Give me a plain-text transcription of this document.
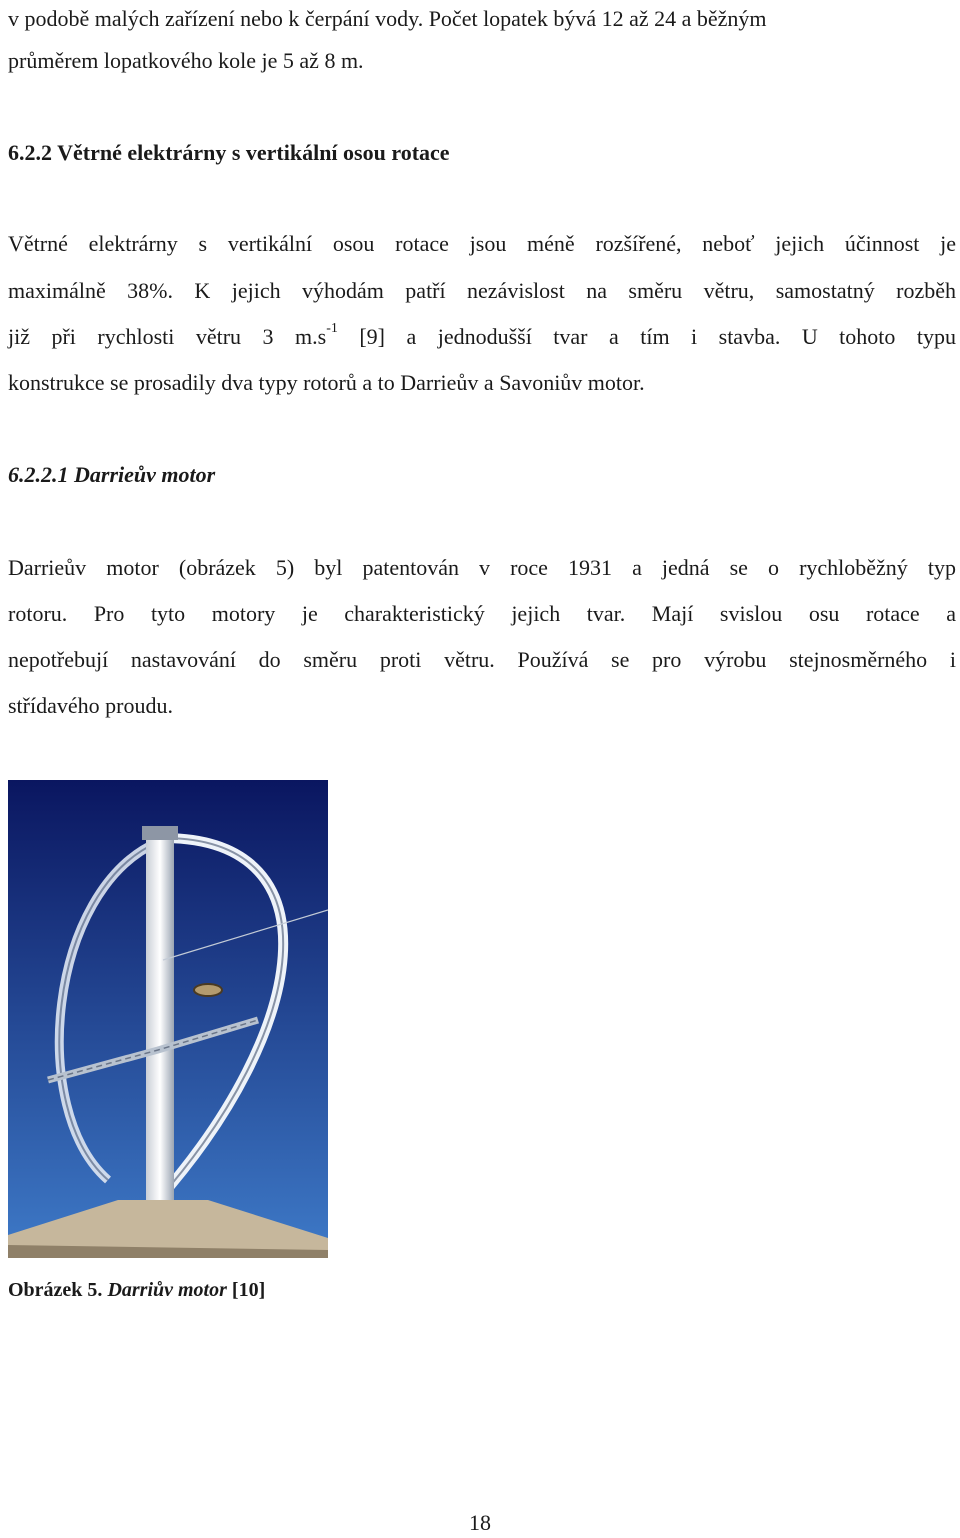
v podobě malých zařízení nebo k čerpání vody. Počet lopatek bývá 12 až 24 a běžným
průměrem lopatkového kole je 5 až 8 m.
6.2.2 Větrné elektrárny s vertikální osou rotace
Větrné elektrárny s vertikální osou rotace jsou méně rozšířené, neboť jejich účinnost je
maximálně 38%. K jejich výhodám patří nezávislost na směru větru, samostatný rozběh
již při rychlosti větru 3 $m.s^{-1}$ [9] a jednodušší tvar a tím i stavba. U tohoto typu
konstrukce se prosadily dva typy rotorů a to Darrieův a Savoniův motor.
6.2.2.1 Darrieův motor
Darrieův motor (obrázek 5) byl patentován v roce 1931 a jedná se o rychloběžný typ
rotoru. Pro tyto motory je charakteristický jejich tvar. Mají svislou osu rotace a
nepotřebují nastavování do směru proti větru. Používá se pro výrobu stejnosměrného i
střídavého proudu.
Obrázek 5. Darriův motor [10]
18
